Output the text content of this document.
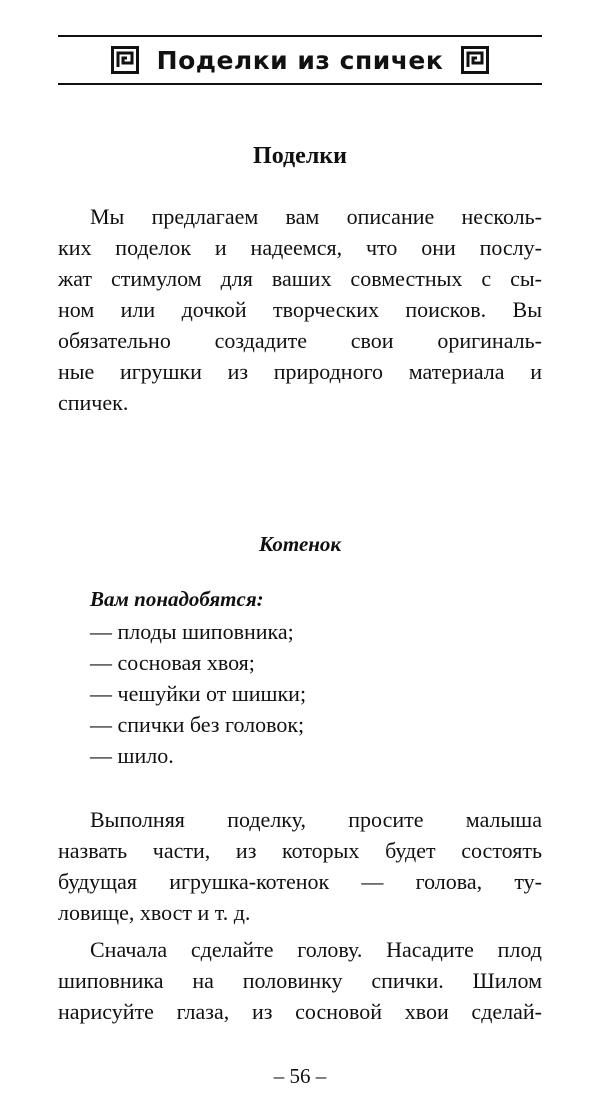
Поделки из спичек
Поделки

Мы предлагаем вам описание несколь-
ких поделок и надеемся, что они послу-
жат стимулом для ваших совместных с сы-
ном или дочкой творческих поисков. Вы
обязательно создадите свои оригиналь-
ные игрушки из природного материала и
спичек.

Котенок
Вам понадобятся:
— плоды шиповника;
— сосновая хвоя;
— чешуйки от шишки;
— спички без головок;
— шило.

Выполняя поделку, просите малыша
назвать части, из которых будет состоять
будущая игрушка-котенок — голова, ту-
ловище, хвост и т. д.

Сначала сделайте голову. Насадите плод
шиповника на половинку спички. Шилом
нарисуйте глаза, из сосновой хвои сделай-

– 56 –
